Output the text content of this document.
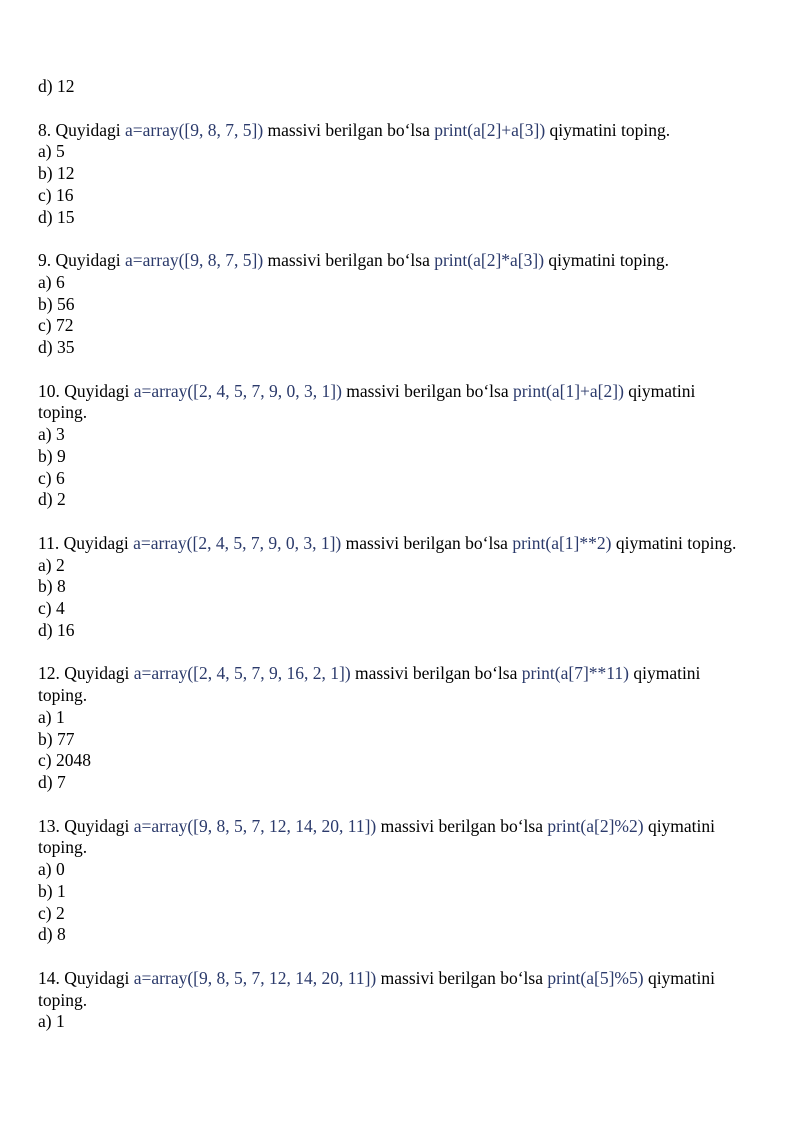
d) 12
8. Quyidagi a=array([9, 8, 7, 5]) massivi berilgan bo‘lsa print(a[2]+a[3]) qiymatini toping.
a) 5
b) 12
c) 16
d) 15
9. Quyidagi a=array([9, 8, 7, 5]) massivi berilgan bo‘lsa print(a[2]*a[3]) qiymatini toping.
a) 6
b) 56
c) 72
d) 35
10. Quyidagi a=array([2, 4, 5, 7, 9, 0, 3, 1]) massivi berilgan bo‘lsa print(a[1]+a[2]) qiymatini toping.
a) 3
b) 9
c) 6
d) 2
11. Quyidagi a=array([2, 4, 5, 7, 9, 0, 3, 1]) massivi berilgan bo‘lsa print(a[1]**2) qiymatini toping.
a) 2
b) 8
c) 4
d) 16
12. Quyidagi a=array([2, 4, 5, 7, 9, 16, 2, 1]) massivi berilgan bo‘lsa print(a[7]**11) qiymatini toping.
a) 1
b) 77
c) 2048
d) 7
13. Quyidagi a=array([9, 8, 5, 7, 12, 14, 20, 11]) massivi berilgan bo‘lsa print(a[2]%2) qiymatini toping.
a) 0
b) 1
c) 2
d) 8
14. Quyidagi a=array([9, 8, 5, 7, 12, 14, 20, 11]) massivi berilgan bo‘lsa print(a[5]%5) qiymatini toping.
a) 1
